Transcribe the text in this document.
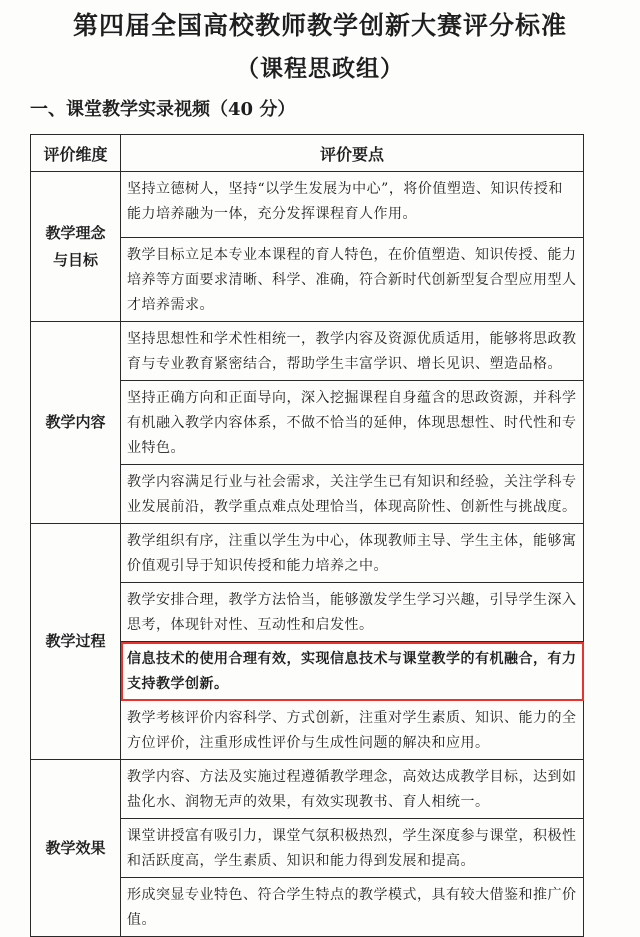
第四届全国高校教师教学创新大赛评分标准
（课程思政组）
一、课堂教学实录视频（40 分）
评价维度	评价要点

教学理念
与目标	坚持立德树人，坚持“以学生发展为中心”，将价值塑造、知识传授和能力培养融为一体，充分发挥课程育人作用。
	教学目标立足本专业本课程的育人特色，在价值塑造、知识传授、能力培养等方面要求清晰、科学、准确，符合新时代创新型复合型应用型人才培养需求。

教学内容	坚持思想性和学术性相统一，教学内容及资源优质适用，能够将思政教育与专业教育紧密结合，帮助学生丰富学识、增长见识、塑造品格。
	坚持正确方向和正面导向，深入挖掘课程自身蕴含的思政资源，并科学有机融入教学内容体系，不做不恰当的延伸，体现思想性、时代性和专业特色。
	教学内容满足行业与社会需求，关注学生已有知识和经验，关注学科专业发展前沿，教学重点难点处理恰当，体现高阶性、创新性与挑战度。

教学过程	教学组织有序，注重以学生为中心，体现教师主导、学生主体，能够寓价值观引导于知识传授和能力培养之中。
	教学安排合理，教学方法恰当，能够激发学生学习兴趣，引导学生深入思考，体现针对性、互动性和启发性。
	信息技术的使用合理有效，实现信息技术与课堂教学的有机融合，有力支持教学创新。
	教学考核评价内容科学、方式创新，注重对学生素质、知识、能力的全方位评价，注重形成性评价与生成性问题的解决和应用。

教学效果	教学内容、方法及实施过程遵循教学理念，高效达成教学目标，达到如盐化水、润物无声的效果，有效实现教书、育人相统一。
	课堂讲授富有吸引力，课堂气氛积极热烈，学生深度参与课堂，积极性和活跃度高，学生素质、知识和能力得到发展和提高。
	形成突显专业特色、符合学生特点的教学模式，具有较大借鉴和推广价值。
